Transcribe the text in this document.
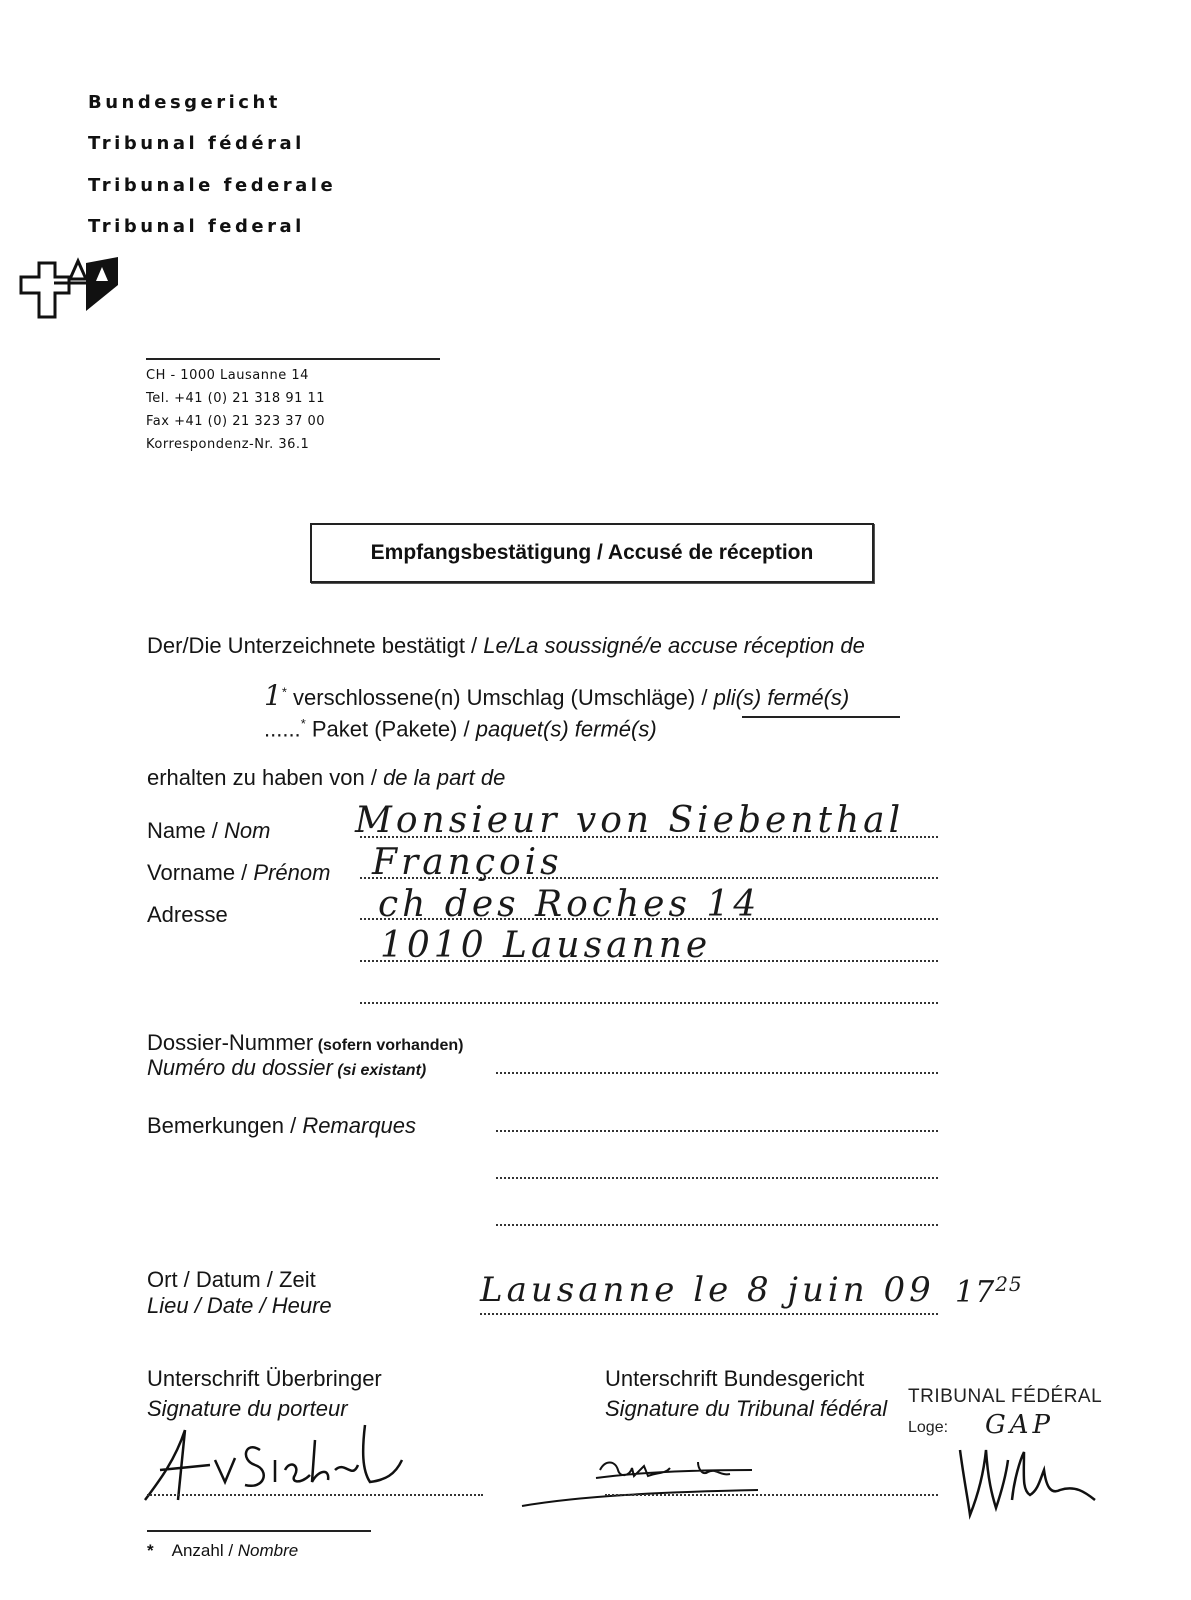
Bundesgericht
Tribunal fédéral
Tribunale federale
Tribunal federal
CH - 1000 Lausanne 14
Tel. +41 (0) 21 318 91 11
Fax +41 (0) 21 323 37 00
Korrespondenz-Nr. 36.1
Empfangsbestätigung / Accusé de réception
Der/Die Unterzeichnete bestätigt / Le/La soussigné/e accuse réception de
1* verschlossene(n) Umschlag (Umschläge) / pli(s) fermé(s)
......* Paket (Pakete) / paquet(s) fermé(s)
erhalten zu haben von / de la part de
Name / Nom Monsieur von Siebenthal
Vorname / Prénom François
Adresse	ch des Roches 14
1010 Lausanne
Dossier-Nummer (sofern vorhanden)
Numéro du dossier (si existant)
Bemerkungen / Remarques
Ort / Datum / Zeit
Lieu / Date / Heure	Lausanne le 8 juin 09 $17^{25}$
Unterschrift Überbringer
Signature du porteur
Unterschrift Bundesgericht
Signature du Tribunal fédéral TRIBUNAL FÉDÉRAL
Loge: GAP
* Anzahl / Nombre
